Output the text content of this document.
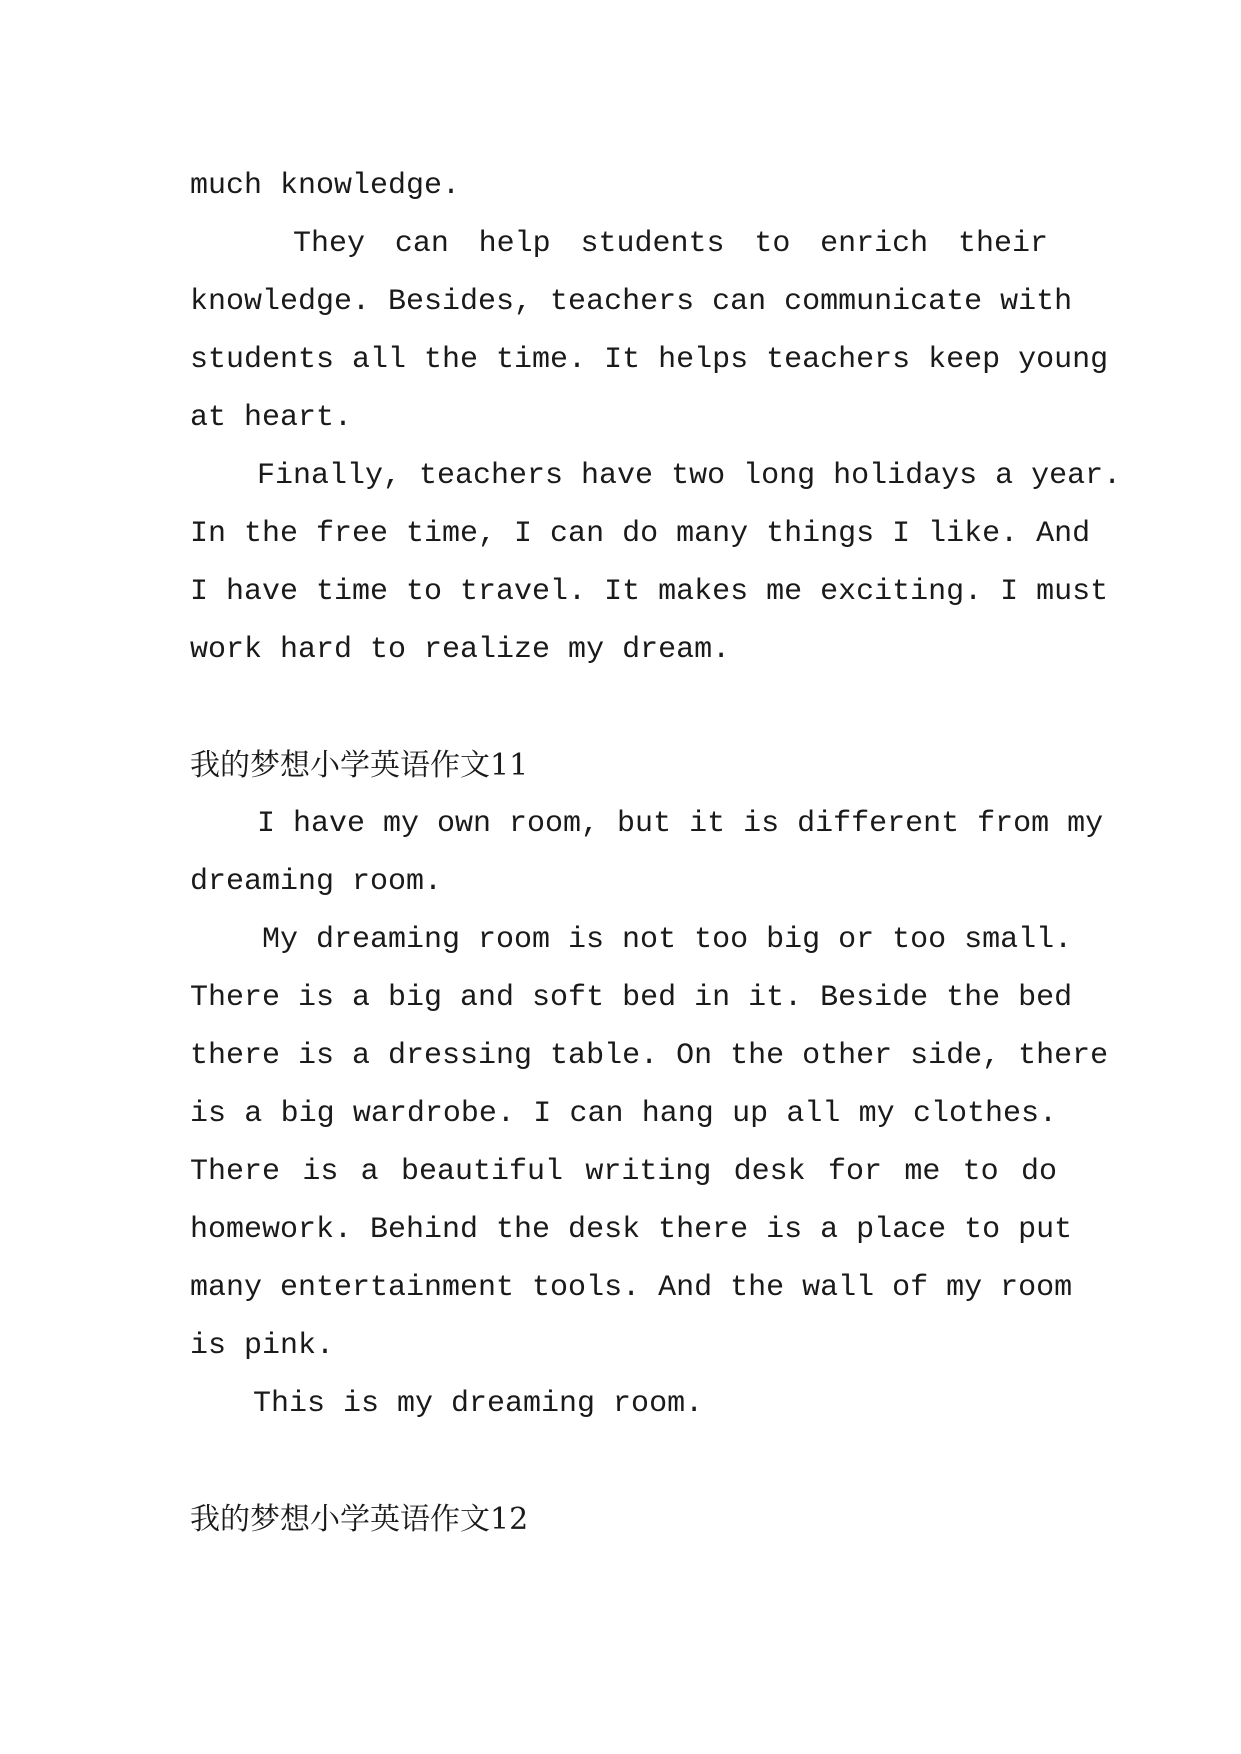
much knowledge.
They can help students to enrich their
knowledge. Besides, teachers can communicate with
students all the time. It helps teachers keep young
at heart.
Finally, teachers have two long holidays a year.
In the free time, I can do many things I like. And
I have time to travel. It makes me exciting. I must
work hard to realize my dream.
我的梦想小学英语作文11
I have my own room, but it is different from my
dreaming room.
My dreaming room is not too big or too small.
There is a big and soft bed in it. Beside the bed
there is a dressing table. On the other side, there
is a big wardrobe. I can hang up all my clothes.
There is a beautiful writing desk for me to do
homework. Behind the desk there is a place to put
many entertainment tools. And the wall of my room
is pink.
This is my dreaming room.
我的梦想小学英语作文12
